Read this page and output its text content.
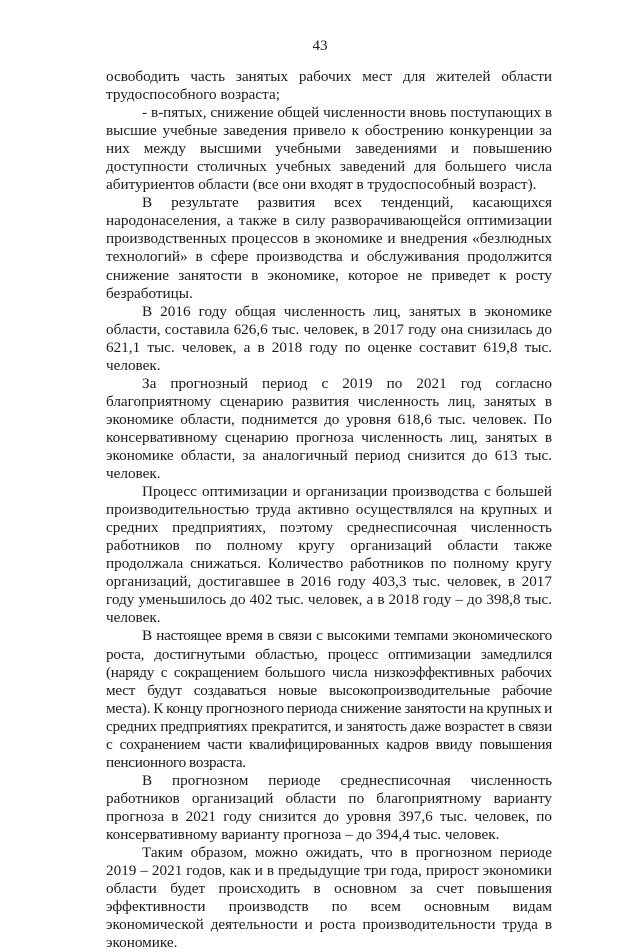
43

освободить часть занятых рабочих мест для жителей области трудоспособного возраста;

- в-пятых, снижение общей численности вновь поступающих в высшие учебные заведения привело к обострению конкуренции за них между высшими учебными заведениями и повышению доступности столичных учебных заведений для большего числа абитуриентов области (все они входят в трудоспособный возраст).

В результате развития всех тенденций, касающихся народонаселения, а также в силу разворачивающейся оптимизации производственных процессов в экономике и внедрения «безлюдных технологий» в сфере производства и обслуживания продолжится снижение занятости в экономике, которое не приведет к росту безработицы.

В 2016 году общая численность лиц, занятых в экономике области, составила 626,6 тыс. человек, в 2017 году она снизилась до 621,1 тыс. человек, а в 2018 году по оценке составит 619,8 тыс. человек.

За прогнозный период с 2019 по 2021 год согласно благоприятному сценарию развития численность лиц, занятых в экономике области, поднимется до уровня 618,6 тыс. человек. По консервативному сценарию прогноза численность лиц, занятых в экономике области, за аналогичный период снизится до 613 тыс. человек.

Процесс оптимизации и организации производства с большей производительностью труда активно осуществлялся на крупных и средних предприятиях, поэтому среднесписочная численность работников по полному кругу организаций области также продолжала снижаться. Количество работников по полному кругу организаций, достигавшее в 2016 году 403,3 тыс. человек, в 2017 году уменьшилось до 402 тыс. человек, а в 2018 году – до 398,8 тыс. человек.

В настоящее время в связи с высокими темпами экономического роста, достигнутыми областью, процесс оптимизации замедлился (наряду с сокращением большого числа низкоэффективных рабочих мест будут создаваться новые высокопроизводительные рабочие места). К концу прогнозного периода снижение занятости на крупных и средних предприятиях прекратится, и занятость даже возрастет в связи с сохранением части квалифицированных кадров ввиду повышения пенсионного возраста.

В прогнозном периоде среднесписочная численность работников организаций области по благоприятному варианту прогноза в 2021 году снизится до уровня 397,6 тыс. человек, по консервативному варианту прогноза – до 394,4 тыс. человек.

Таким образом, можно ожидать, что в прогнозном периоде 2019 – 2021 годов, как и в предыдущие три года, прирост экономики области будет происходить в основном за счет повышения эффективности производств по всем основным видам экономической деятельности и роста производительности труда в экономике.
